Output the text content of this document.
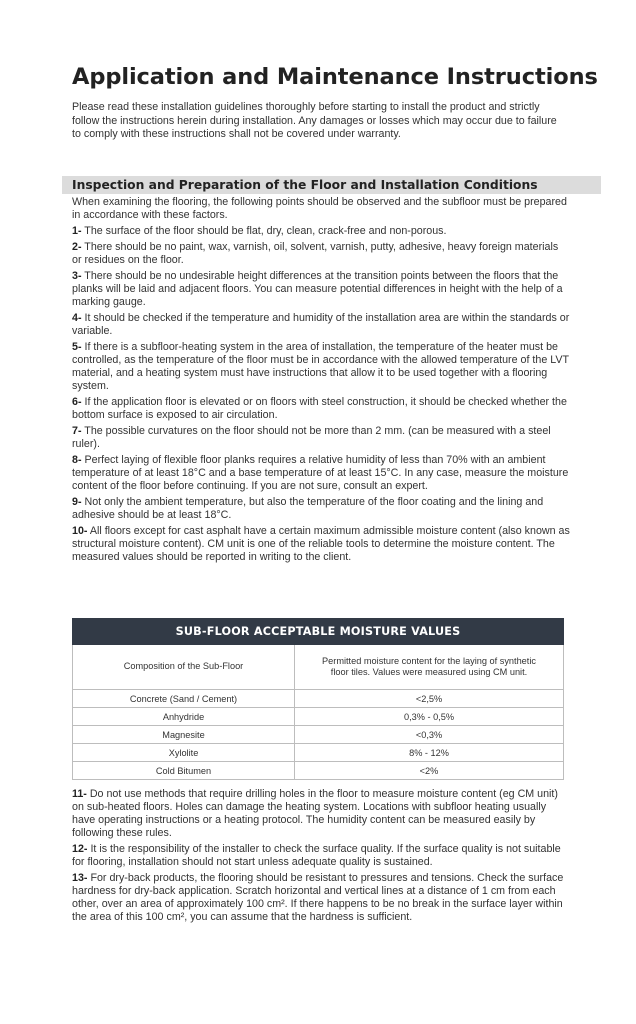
Application and Maintenance Instructions

Please read these installation guidelines thoroughly before starting to install the product and strictly follow the instructions herein during installation. Any damages or losses which may occur due to failure to comply with these instructions shall not be covered under warranty.

Inspection and Preparation of the Floor and Installation Conditions

When examining the flooring, the following points should be observed and the subfloor must be prepared in accordance with these factors.

1- The surface of the floor should be flat, dry, clean, crack-free and non-porous.

2- There should be no paint, wax, varnish, oil, solvent, varnish, putty, adhesive, heavy foreign materials or residues on the floor.

3- There should be no undesirable height differences at the transition points between the floors that the planks will be laid and adjacent floors. You can measure potential differences in height with the help of a marking gauge.

4- It should be checked if the temperature and humidity of the installation area are within the standards or variable.

5- If there is a subfloor-heating system in the area of installation, the temperature of the heater must be controlled, as the temperature of the floor must be in accordance with the allowed temperature of the LVT material, and a heating system must have instructions that allow it to be used together with a flooring system.

6- If the application floor is elevated or on floors with steel construction, it should be checked whether the bottom surface is exposed to air circulation.

7- The possible curvatures on the floor should not be more than 2 mm. (can be measured with a steel ruler).

8- Perfect laying of flexible floor planks requires a relative humidity of less than 70% with an ambient temperature of at least 18°C and a base temperature of at least 15°C. In any case, measure the moisture content of the floor before continuing. If you are not sure, consult an expert.

9- Not only the ambient temperature, but also the temperature of the floor coating and the lining and adhesive should be at least 18°C.

10- All floors except for cast asphalt have a certain maximum admissible moisture content (also known as structural moisture content). CM unit is one of the reliable tools to determine the moisture content. The measured values should be reported in writing to the client.

SUB-FLOOR ACCEPTABLE MOISTURE VALUES	
Composition of the Sub-Floor	Permitted moisture content for the laying of synthetic floor tiles. Values were measured using CM unit.

Concrete (Sand / Cement)	<2,5%
Anhydride	0,3% - 0,5%
Magnesite	<0,3%
Xylolite	8% - 12%
Cold Bitumen	<2%

11- Do not use methods that require drilling holes in the floor to measure moisture content (eg CM unit) on sub-heated floors. Holes can damage the heating system. Locations with subfloor heating usually have operating instructions or a heating protocol. The humidity content can be measured easily by following these rules.

12- It is the responsibility of the installer to check the surface quality. If the surface quality is not suitable for flooring, installation should not start unless adequate quality is sustained.

13- For dry-back products, the flooring should be resistant to pressures and tensions. Check the surface hardness for dry-back application. Scratch horizontal and vertical lines at a distance of 1 cm from each other, over an area of approximately 100 cm². If there happens to be no break in the surface layer within the area of this 100 cm², you can assume that the hardness is sufficient.
